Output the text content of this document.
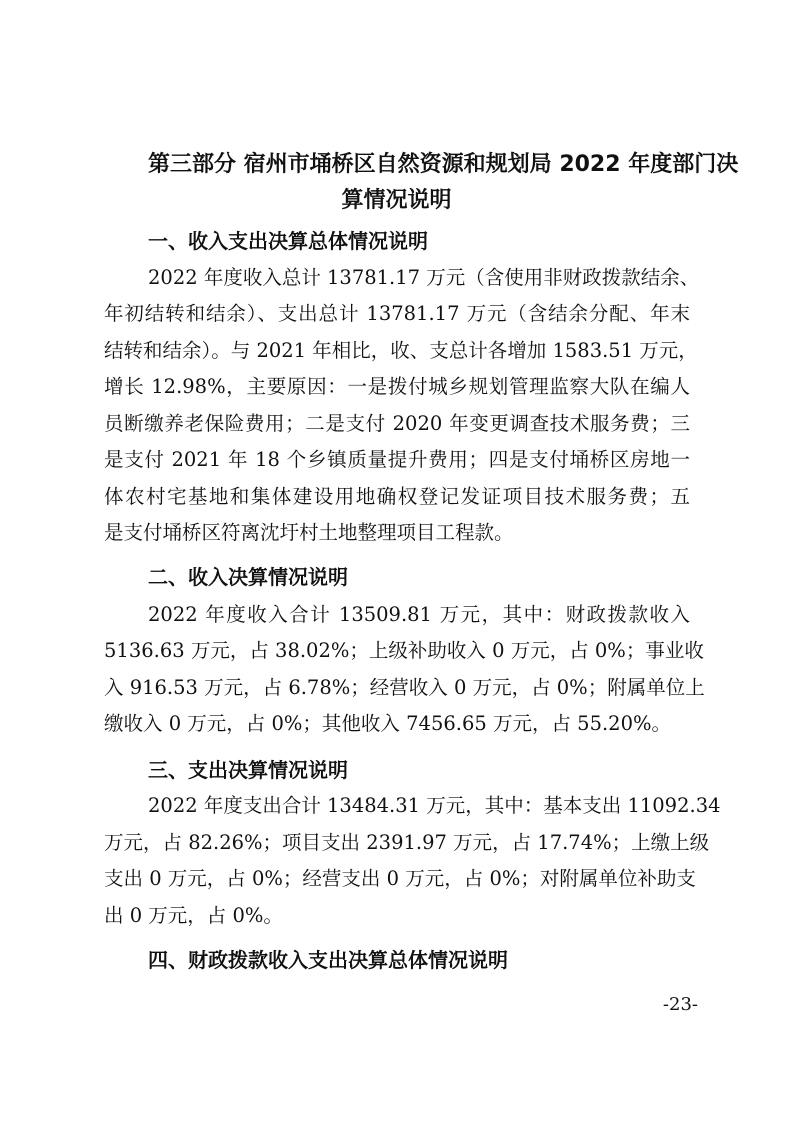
第三部分 宿州市埇桥区自然资源和规划局 2022 年度部门决
算情况说明
一、收入支出决算总体情况说明
2022 年度收入总计 13781.17 万元（含使用非财政拨款结余、
年初结转和结余）、支出总计 13781.17 万元（含结余分配、年末
结转和结余）。与 2021 年相比，收、支总计各增加 1583.51 万元，
增长 12.98%，主要原因：一是拨付城乡规划管理监察大队在编人
员断缴养老保险费用；二是支付 2020 年变更调查技术服务费；三
是支付 2021 年 18 个乡镇质量提升费用；四是支付埇桥区房地一
体农村宅基地和集体建设用地确权登记发证项目技术服务费；五
是支付埇桥区符离沈圩村土地整理项目工程款。
二、收入决算情况说明
2022 年度收入合计 13509.81 万元，其中：财政拨款收入
5136.63 万元，占 38.02%；上级补助收入 0 万元，占 0%；事业收
入 916.53 万元，占 6.78%；经营收入 0 万元，占 0%；附属单位上
缴收入 0 万元，占 0%；其他收入 7456.65 万元，占 55.20%。
三、支出决算情况说明
2022 年度支出合计 13484.31 万元，其中：基本支出 11092.34
万元，占 82.26%；项目支出 2391.97 万元，占 17.74%；上缴上级
支出 0 万元，占 0%；经营支出 0 万元，占 0%；对附属单位补助支
出 0 万元，占 0%。
四、财政拨款收入支出决算总体情况说明
-23-
